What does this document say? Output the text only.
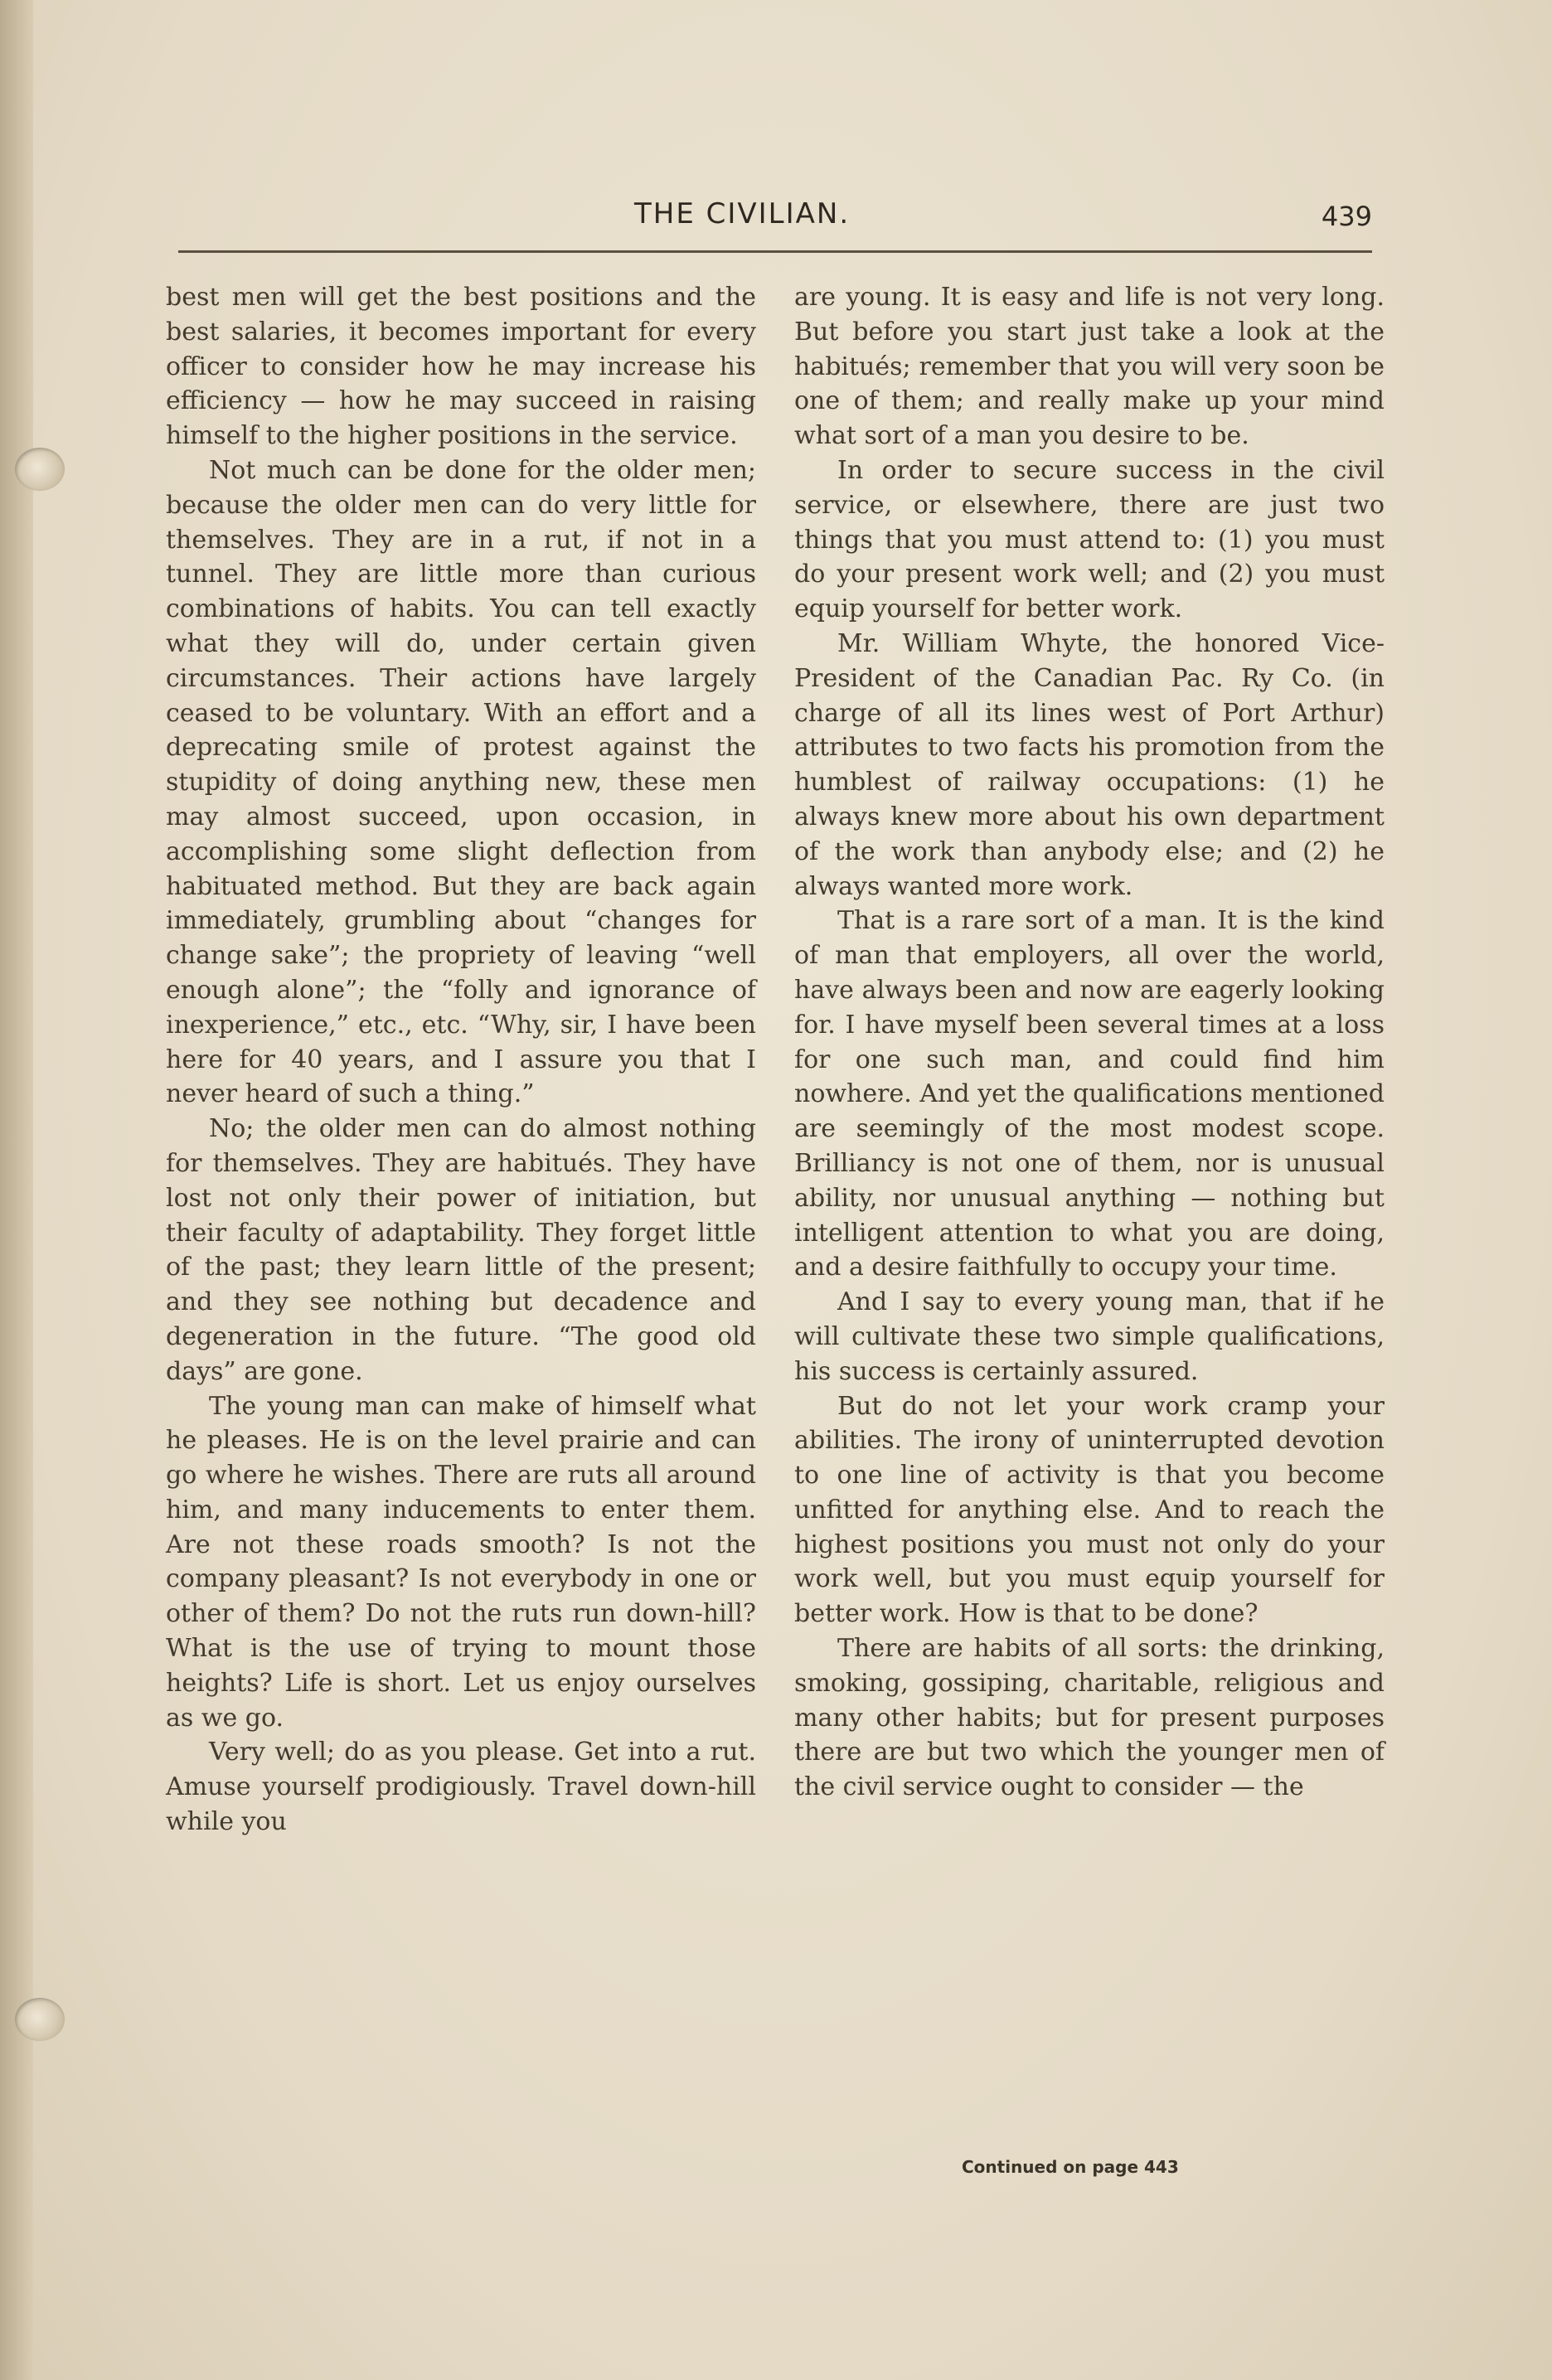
THE CIVILIAN.	439

best men will get the best positions and the best salaries, it becomes important for every officer to consider how he may increase his efficiency — how he may succeed in raising himself to the higher positions in the service.

Not much can be done for the older men; because the older men can do very little for themselves. They are in a rut, if not in a tunnel. They are little more than curious combinations of habits. You can tell exactly what they will do, under certain given circumstances. Their actions have largely ceased to be voluntary. With an effort and a deprecating smile of protest against the stupidity of doing anything new, these men may almost succeed, upon occasion, in accomplishing some slight deflection from habituated method. But they are back again immediately, grumbling about “changes for change sake”; the propriety of leaving “well enough alone”; the “folly and ignorance of inexperience,” etc., etc. “Why, sir, I have been here for 40 years, and I assure you that I never heard of such a thing.”

No; the older men can do almost nothing for themselves. They are habitués. They have lost not only their power of initiation, but their faculty of adaptability. They forget little of the past; they learn little of the present; and they see nothing but decadence and degeneration in the future. “The good old days” are gone.

The young man can make of himself what he pleases. He is on the level prairie and can go where he wishes. There are ruts all around him, and many inducements to enter them. Are not these roads smooth? Is not the company pleasant? Is not everybody in one or other of them? Do not the ruts run down-hill? What is the use of trying to mount those heights? Life is short. Let us enjoy ourselves as we go.

Very well; do as you please. Get into a rut. Amuse yourself prodigiously. Travel down-hill while you

are young. It is easy and life is not very long. But before you start just take a look at the habitués; remember that you will very soon be one of them; and really make up your mind what sort of a man you desire to be.

In order to secure success in the civil service, or elsewhere, there are just two things that you must attend to: (1) you must do your present work well; and (2) you must equip yourself for better work.

Mr. William Whyte, the honored Vice-President of the Canadian Pac. Ry Co. (in charge of all its lines west of Port Arthur) attributes to two facts his promotion from the humblest of railway occupations: (1) he always knew more about his own department of the work than anybody else; and (2) he always wanted more work.

That is a rare sort of a man. It is the kind of man that employers, all over the world, have always been and now are eagerly looking for. I have myself been several times at a loss for one such man, and could find him nowhere. And yet the qualifications mentioned are seemingly of the most modest scope. Brilliancy is not one of them, nor is unusual ability, nor unusual anything — nothing but intelligent attention to what you are doing, and a desire faithfully to occupy your time.

And I say to every young man, that if he will cultivate these two simple qualifications, his success is certainly assured.

But do not let your work cramp your abilities. The irony of uninterrupted devotion to one line of activity is that you become unfitted for anything else. And to reach the highest positions you must not only do your work well, but you must equip yourself for better work. How is that to be done?

There are habits of all sorts: the drinking, smoking, gossiping, charitable, religious and many other habits; but for present purposes there are but two which the younger men of the civil service ought to consider — the

Continued on page 443
